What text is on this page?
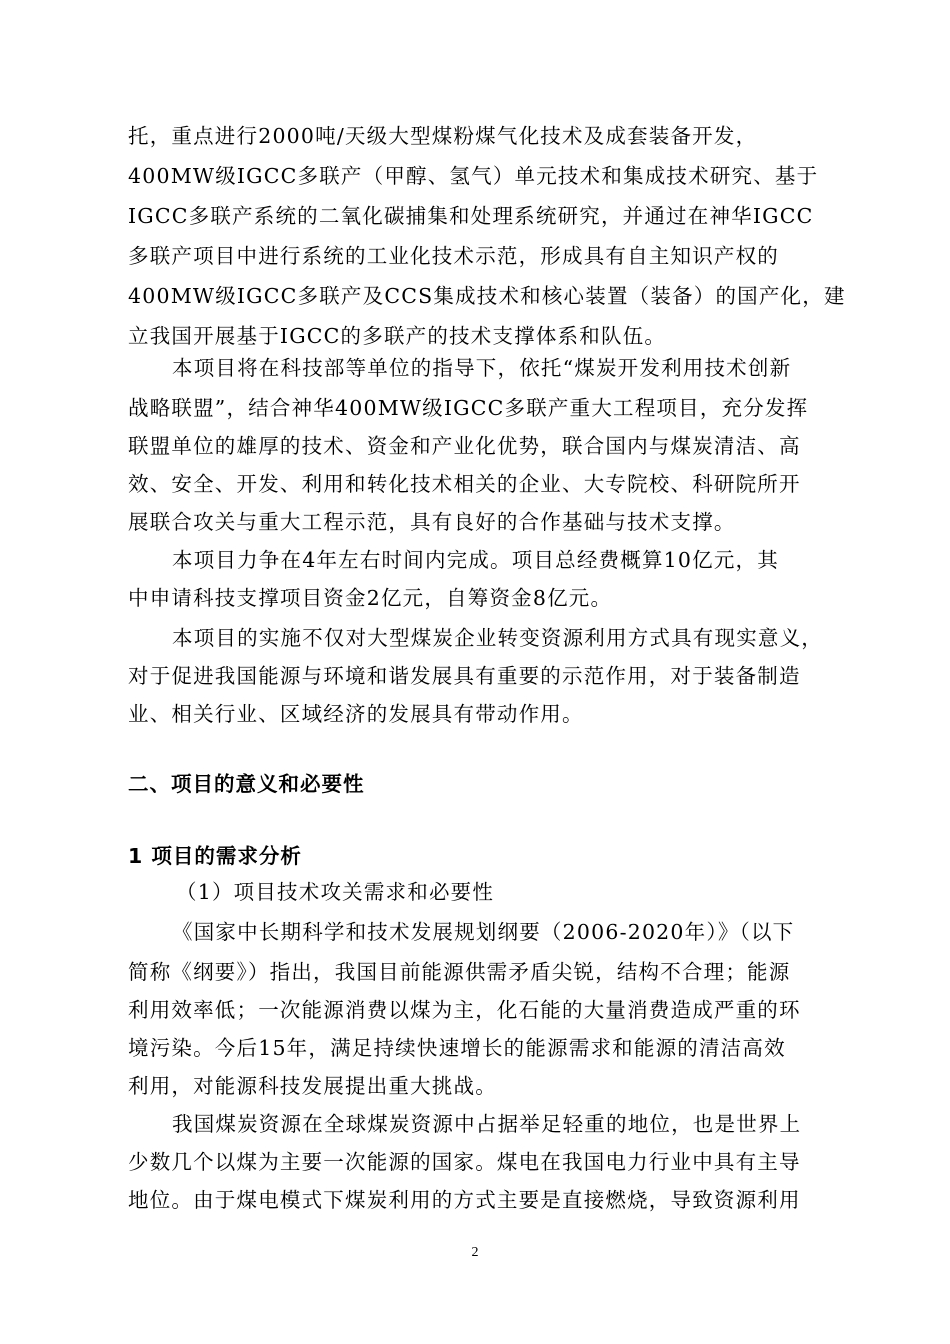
托，重点进行2000吨/天级大型煤粉煤气化技术及成套装备开发，
400MW级IGCC多联产（甲醇、氢气）单元技术和集成技术研究、基于
IGCC多联产系统的二氧化碳捕集和处理系统研究，并通过在神华IGCC
多联产项目中进行系统的工业化技术示范，形成具有自主知识产权的
400MW级IGCC多联产及CCS集成技术和核心装置（装备）的国产化，建
立我国开展基于IGCC的多联产的技术支撑体系和队伍。
本项目将在科技部等单位的指导下，依托“煤炭开发利用技术创新
战略联盟”，结合神华400MW级IGCC多联产重大工程项目，充分发挥
联盟单位的雄厚的技术、资金和产业化优势，联合国内与煤炭清洁、高
效、安全、开发、利用和转化技术相关的企业、大专院校、科研院所开
展联合攻关与重大工程示范，具有良好的合作基础与技术支撑。
本项目力争在4年左右时间内完成。项目总经费概算10亿元，其
中申请科技支撑项目资金2亿元，自筹资金8亿元。
本项目的实施不仅对大型煤炭企业转变资源利用方式具有现实意义，
对于促进我国能源与环境和谐发展具有重要的示范作用，对于装备制造
业、相关行业、区域经济的发展具有带动作用。
二、项目的意义和必要性
1 项目的需求分析
（1）项目技术攻关需求和必要性
《国家中长期科学和技术发展规划纲要（2006-2020年）》（以下
简称《纲要》）指出，我国目前能源供需矛盾尖锐，结构不合理；能源
利用效率低；一次能源消费以煤为主，化石能的大量消费造成严重的环
境污染。今后15年，满足持续快速增长的能源需求和能源的清洁高效
利用，对能源科技发展提出重大挑战。
我国煤炭资源在全球煤炭资源中占据举足轻重的地位，也是世界上
少数几个以煤为主要一次能源的国家。煤电在我国电力行业中具有主导
地位。由于煤电模式下煤炭利用的方式主要是直接燃烧，导致资源利用
2
